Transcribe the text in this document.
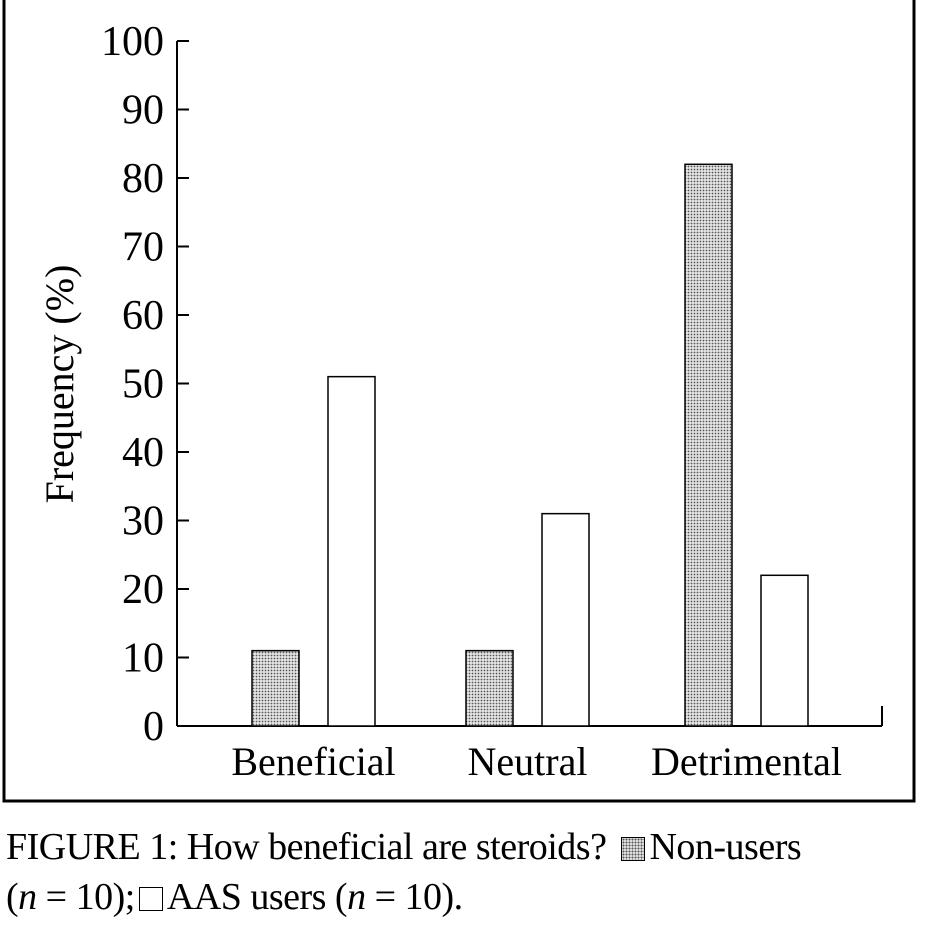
0
10
20
30
40
50
60
70
80
90
100
Frequency (%)
Beneficial Neutral Detrimental
FIGURE 1: How beneficial are steroids? Non-users
(n = 10); AAS users (n = 10).
